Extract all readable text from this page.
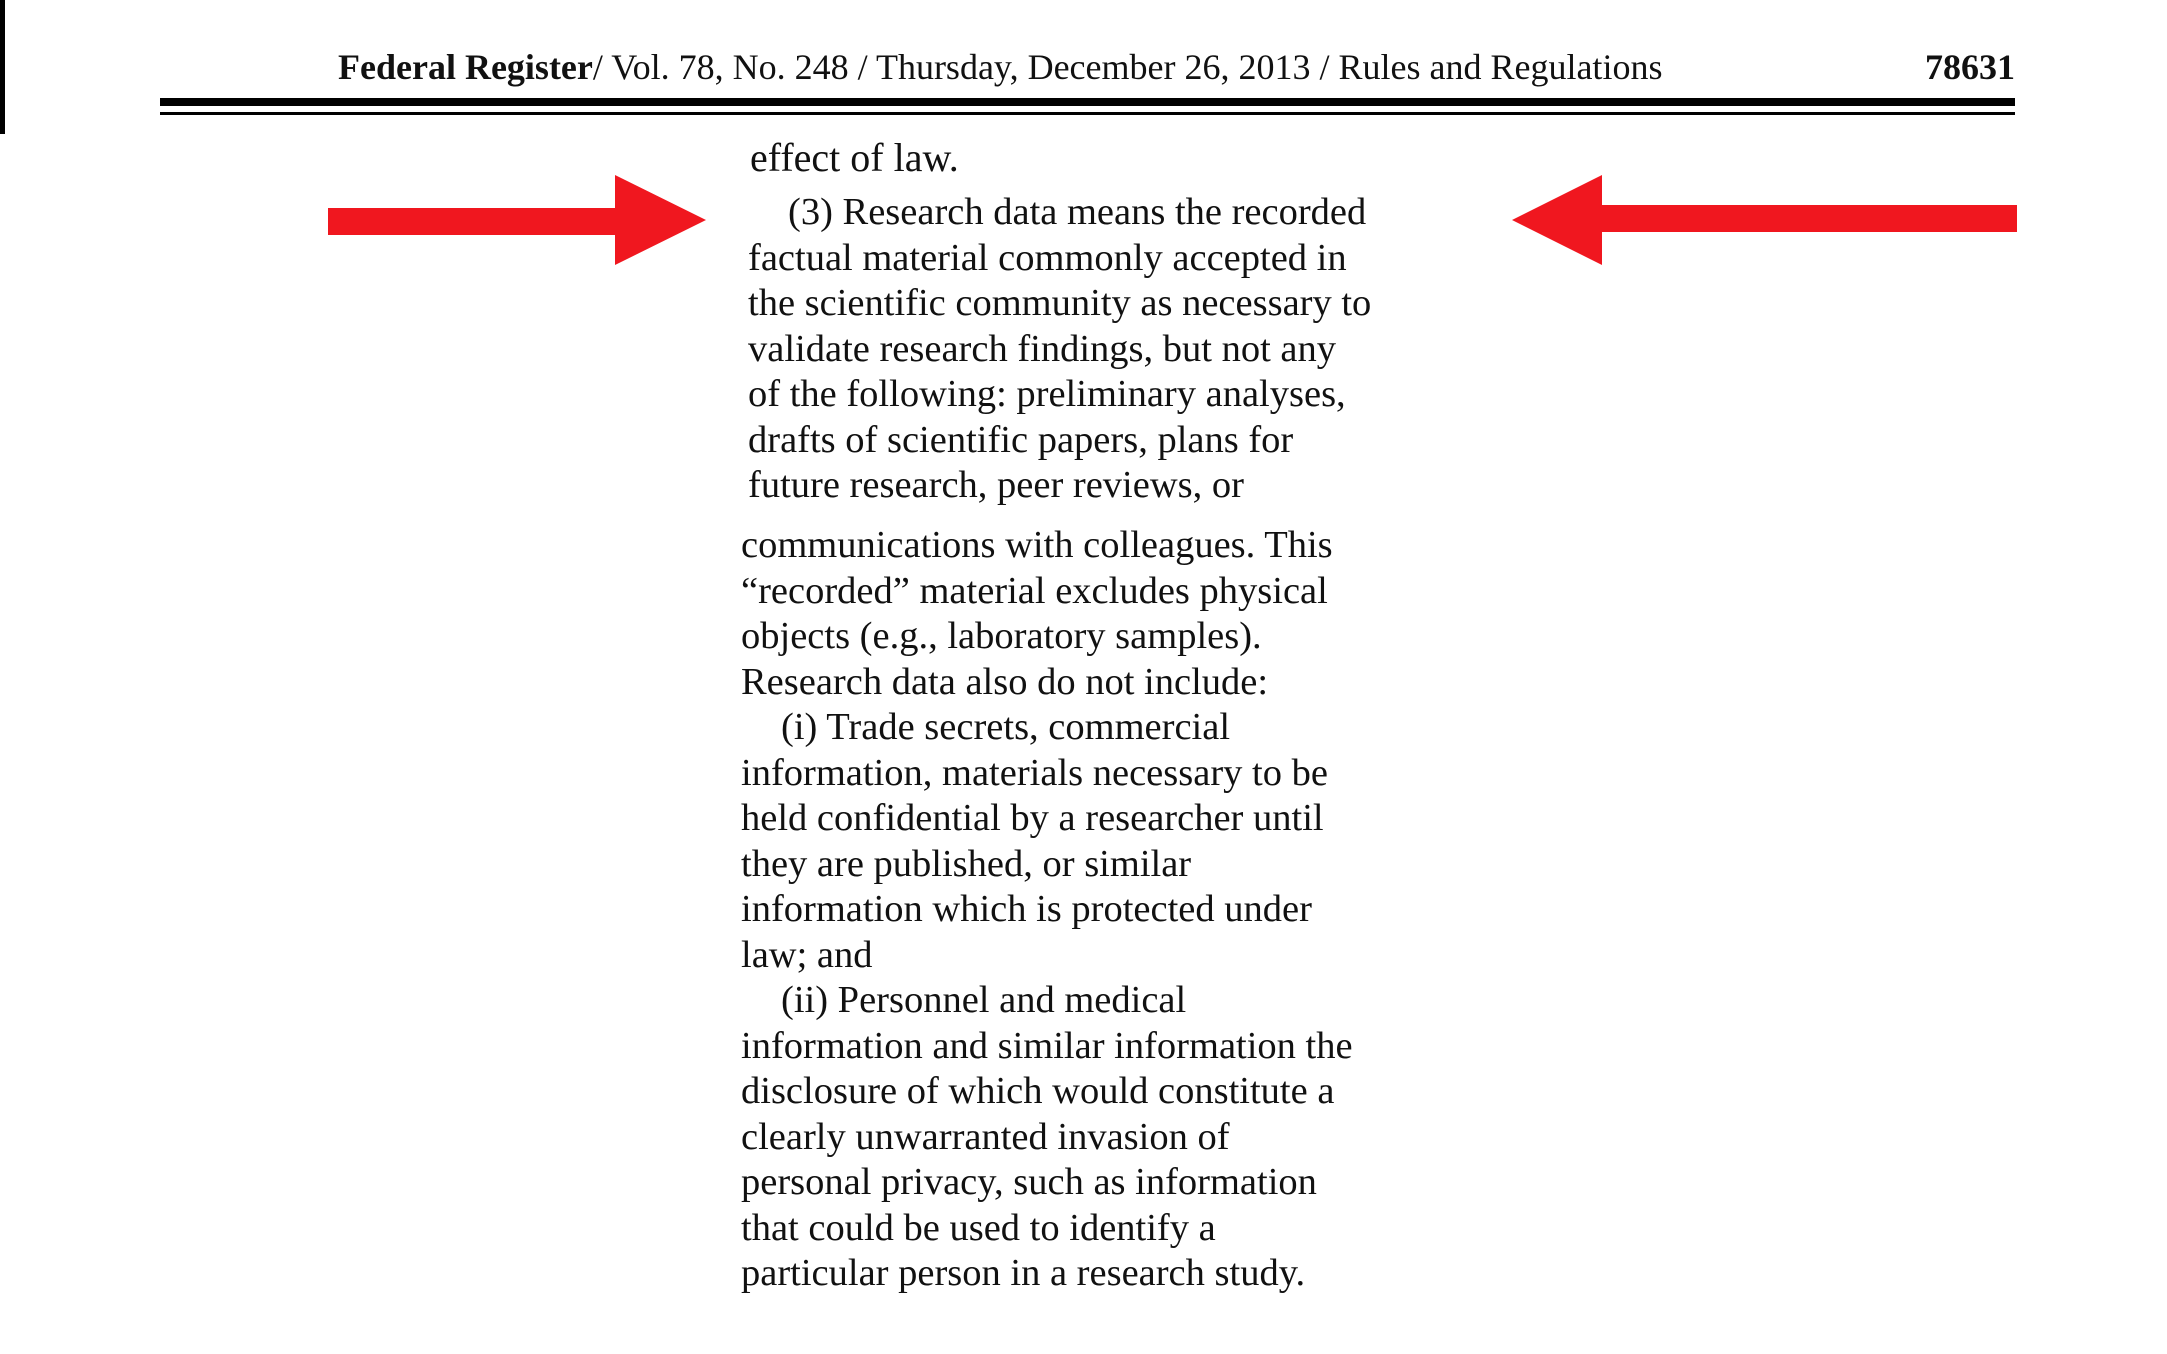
Federal Register/ Vol. 78, No. 248 / Thursday, December 26, 2013 / Rules and Regulations	78631
effect of law.
(3) Research data means the recorded
factual material commonly accepted in
the scientific community as necessary to
validate research findings, but not any
of the following: preliminary analyses,
drafts of scientific papers, plans for
future research, peer reviews, or
communications with colleagues. This
“recorded” material excludes physical
objects (e.g., laboratory samples).
Research data also do not include:
(i) Trade secrets, commercial
information, materials necessary to be
held confidential by a researcher until
they are published, or similar
information which is protected under
law; and
(ii) Personnel and medical
information and similar information the
disclosure of which would constitute a
clearly unwarranted invasion of
personal privacy, such as information
that could be used to identify a
particular person in a research study.
